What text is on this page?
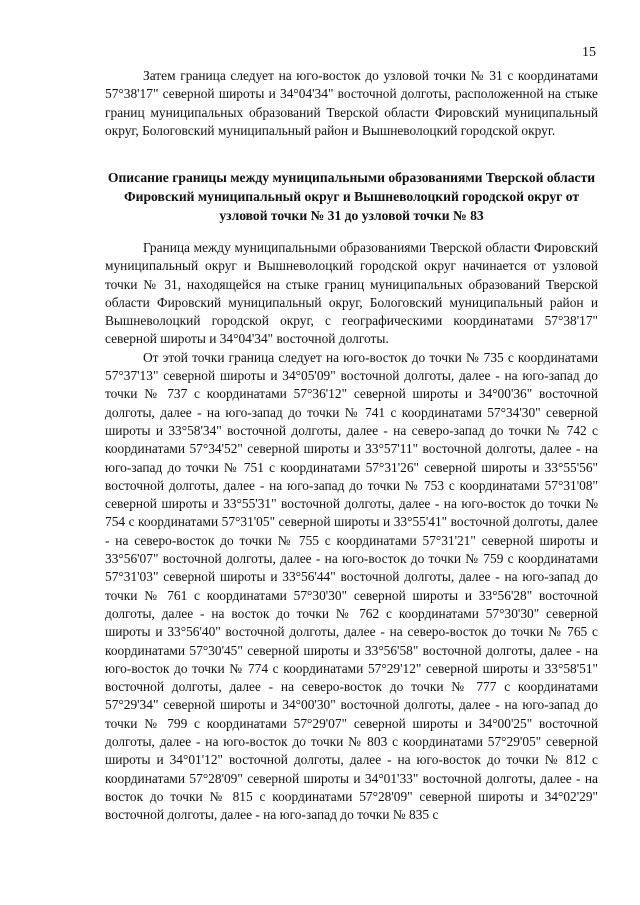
15

Затем граница следует на юго-восток до узловой точки № 31 с координатами 57°38'17" северной широты и 34°04'34" восточной долготы, расположенной на стыке границ муниципальных образований Тверской области Фировский муниципальный округ, Бологовский муниципальный район и Вышневолоцкий городской округ.

Описание границы между муниципальными образованиями Тверской области Фировский муниципальный округ и Вышневолоцкий городской округ от узловой точки № 31 до узловой точки № 83

Граница между муниципальными образованиями Тверской области Фировский муниципальный округ и Вышневолоцкий городской округ начинается от узловой точки № 31, находящейся на стыке границ муниципальных образований Тверской области Фировский муниципальный округ, Бологовский муниципальный район и Вышневолоцкий городской округ, с географическими координатами 57°38'17" северной широты и 34°04'34" восточной долготы.

От этой точки граница следует на юго-восток до точки № 735 с координатами 57°37'13" северной широты и 34°05'09" восточной долготы, далее - на юго-запад до точки № 737 с координатами 57°36'12" северной широты и 34°00'36" восточной долготы, далее - на юго-запад до точки № 741 с координатами 57°34'30" северной широты и 33°58'34" восточной долготы, далее - на северо-запад до точки № 742 с координатами 57°34'52" северной широты и 33°57'11" восточной долготы, далее - на юго-запад до точки № 751 с координатами 57°31'26" северной широты и 33°55'56" восточной долготы, далее - на юго-запад до точки № 753 с координатами 57°31'08" северной широты и 33°55'31" восточной долготы, далее - на юго-восток до точки № 754 с координатами 57°31'05" северной широты и 33°55'41" восточной долготы, далее - на северо-восток до точки № 755 с координатами 57°31'21" северной широты и 33°56'07" восточной долготы, далее - на юго-восток до точки № 759 с координатами 57°31'03" северной широты и 33°56'44" восточной долготы, далее - на юго-запад до точки № 761 с координатами 57°30'30" северной широты и 33°56'28" восточной долготы, далее - на восток до точки № 762 с координатами 57°30'30" северной широты и 33°56'40" восточной долготы, далее - на северо-восток до точки № 765 с координатами 57°30'45" северной широты и 33°56'58" восточной долготы, далее - на юго-восток до точки № 774 с координатами 57°29'12" северной широты и 33°58'51" восточной долготы, далее - на северо-восток до точки № 777 с координатами 57°29'34" северной широты и 34°00'30" восточной долготы, далее - на юго-запад до точки № 799 с координатами 57°29'07" северной широты и 34°00'25" восточной долготы, далее - на юго-восток до точки № 803 с координатами 57°29'05" северной широты и 34°01'12" восточной долготы, далее - на юго-восток до точки № 812 с координатами 57°28'09" северной широты и 34°01'33" восточной долготы, далее - на восток до точки № 815 с координатами 57°28'09" северной широты и 34°02'29" восточной долготы, далее - на юго-запад до точки № 835 с
